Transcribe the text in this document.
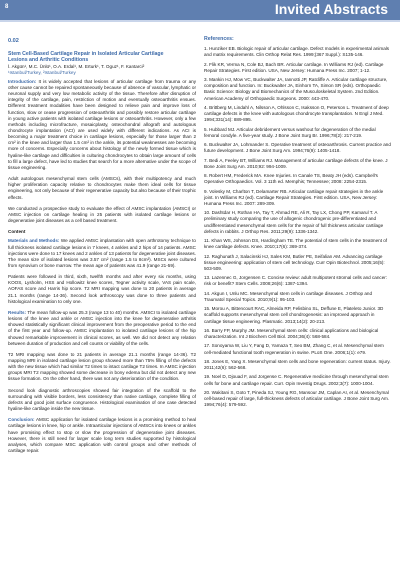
8	Invited Abstracts
0.02
Stem Cell-Based Cartilage Repair in Isolated Articular Cartilage
Lesions and Arthritic Conditions
İ. Akgün¹, M.C. Ünlü¹, O.A. Erdal¹, M. Erturk¹, T. Oguz¹, F. Kantarci²
¹Istanbul/Turkey, ²Istanbul/Turkey

Introduction: It is widely accepted that lesions of articular cartilage from trauma or any other cause cannot be repaired spontaneously because of absence of vascular, lymphatic or neuronal supply and very low metabolic activity of the tissue. Therefore after disruption of integrity of the cartilage, pain, restriction of motion and eventually osteoarthritis ensues. Different treatment modalities have been designed to relieve pain and improve loss of function, slow or cease progression of osteoarthritis and possibly restore articular cartilage in young active patients with isolated cartilage lesions or osteoarthritis. However, only a few methods including microfracture, mosaicplasty, osteochondral allograft and autologous chondrocyte implantation (ACI) are used widely with different indications. As ACI is becoming a major treatment choice in cartilage lesions, especially for those larger than 2 cm² in the knee and larger than 1.5 cm² in the ankle, its potential weaknesses are becoming more of concerns. Especially concerns about histology of the newly formed tissue which is hyaline-like cartilage and difficulties in culturing chondrocytes to obtain large amount of cells to fill a large defect, have led to studies that search for a more alternative under the scope of tissue engineering.

Adult autologous mesenchymal stem cells (AMSCs), with their multipotency and much higher proliferation capacity relative to chondrocytes make them ideal cells for tissue engineering, not only because of their regenerative capacity but also because of their trophic effects.

We conducted a prospective study to evaluate the effect of AMSC implantation (AMSCI) or AMSC injection on cartilage healing in 25 patients with isolated cartilage lesions or degenerative joint diseases as a cell based treatment.

Content

Materials and Methods: We applied AMSC implantation with open arthrotomy technique to full thickness isolated cartilage lesions in 7 knees, 4 ankles and 2 hips of 14 patients. AMSC injections were done to 17 knees and 2 ankles of 13 patients for degenerative joint diseases. The mean size of isolated lesions was 3.57 cm² (range 1.5 to 8cm²). MSCs were cultured from synovium or bone marrow. The mean age of patients was 41.9 (range 21-59).

Patients were followed in third, sixth, twelfth months and after every six months, using KOOS, Lysholm, HSS and Hollowitz knee scores, Tegner activity scale, VAS pain scale, AOFAS score and Harris hip score. T2 MRI mapping was done to 20 patients in average 21.1 months (range 14-36). Second look arthroscopy was done to three patients and histological examination to only one.

Results: The mean follow-up was 25.3 (range 13 to 40) months. AMSCI to isolated cartilage lesions of the knee and ankle or AMSC injection into the knee for degenerative arthritis showed statistically significant clinical improvement from the preoperative period to the end of the first year and follow-up. AMSC implantation to isolated cartilage lesions of the hip showed remarkable improvement in clinical scores, as well. We did not detect any relation between duration of production and cell counts or viability of the cells.

T2 MRI mapping was done to 21 patients in average 21.1 months (range 14-36). T2 mapping MRI in isolated cartilage lesion group showed more than 75% filling of the defects with the new tissue which had similar T2 times to intact cartilage T2 times. In AMSC injection groups MRI T2 mapping showed some decrease in bony edema but did not detect any new tissue formation. On the other hand, there was not any deterioration of the condition.

Second look diagnostic arthroscopies showed fair integration of the scaffold to the surrounding with visible borders, less consistency than native cartilage, complete filling of defects and good joint surface congruence. Histological examination of one case detected hyaline-like cartilage inside the new tissue.

Conclusion: AMSC application for isolated cartilage lesions is a promising method to heal cartilage lesions in knee, hip or ankle. Intraarticular injections of AMSCs into knees or ankles have promising effect to stop or slow the progression of degenerative joint diseases. However, there is still need for larger scale long term studies supported by histological analyses, which compare MSC application with control groups and other methods of cartilage repair.

References:
1. Hunziker EB. Biologic repair of articular cartilage. Defect models in experimental animals and matrix requirements. Clin Orthop Relat Res. 1999;(367 Suppl.): S135-146.
2. Flik KR, Verma N, Cole BJ, Bach BR. Articular cartilage. In Williams RJ (ed). Cartilage Repair Strategies. First edition. USA, New Jersey: Humana Press Inc. 2007; 1-12.
3. Mankin HJ, Mow VC, Buckwalter JA, Iannotti JP, Ratcliffe A. Articular cartilage structure, composition and function. In: Buckwalter JA, Einhorn TA, Simon SR (eds). Orthopaedic Basic Science: Biology and Biomechanics of the Musculoskeletal System. 2nd Edition. American Academy of Orthopaedic Surgeons. 2000: 443-470.
4. Brittberg M, Lindahl A, Nilsson A, Ohlsson C, Isaksson O, Peterson L. Treatment of deep cartilage defects in the knee with autologous chondrocyte transplantation. N Engl J Med. 1994;331(14): 889-895.
5. Hubbard MJ. Articular debridement versus washout for degeneration of the medial femoral condyle. A five-year study. J Bone Joint Surg Br. 1996;78(2): 217-219.
6. Buckwalter JA, Lohmander S. Operative treatment of osteoarthrosis. Current practice and future development. J Bone Joint Surg Am. 1994;76(9): 1405-1418.
7. Bedi A, Feeley BT, Williams RJ. Management of articular cartilage defects of the knee. J Bone Joint Surg Am. 2010;92: 994-1009.
8. Robert HM, Frederick MA. Knee Injuries. In Canale TS, Beaty JH (eds). Campbell's Operative Orthopaedics. Vol. 3 11th ed. Memphis; Tennessee; 2008: 2254-2315.
9. Volesky M, Charlton T, Delamarter RB. Articular cartilage repair strategies in the ankle joint. In Williams RJ (ed). Cartilage Repair Strategies. First edition. USA, New Jersey: Humana Press Inc. 2007: 289-309.
10. Dashtdar H, Rothan HA, Tay T, Ahmad RE, Ali R, Tay LX, Chong PP, Kamarul T. A preliminary study comparing the use of allogenic chondrogenic pre-differentiated and undifferentiated mesenchymal stem cells for the repair of full thickness articular cartilage defects in rabbits. J Orthop Res. 2011;29(9): 1336-1342.
11. Khan WS, Johnson DS, Hardingham TE. The potential of stem cells in the treatment of knee cartilage defects. Knee. 2010;17(6): 369-374.
12. Raghunath J, Salacinski HJ, Sales KM, Butler PE, Seifalian AM. Advancing cartilage tissue engineering: application of stem cell technology. Curr Opin Biotechnol. 2005;16(5): 503-509.
13. Lazennec G, Jorgensen C. Concise review: adult multipotent stromal cells and cancer: risk or benefit? Stem Cells. 2008;26(6): 1387-1394.
14. Akgun I, Unlu MC. Mesenchymal stem cells in cartilage diseases. J Orthop and Traumatol Special Topics. 2010;9(1): 95-103.
15. Morou A, Bittencourt RAC, Almeida RP, Felisbino SL, Deffune E, Plateleto Junior. 3D scaffold supports mesenchymal stem cell chondrogenesis: an improved approach in cartilage tissue engineering. Plasmatic. 2013;14(2): 20-213.
16. Barry FP, Murphy JM. Mesenchymal stem cells: clinical applications and biological characterization. Int J Biochem Cell Biol. 2004;36(4): 568-584.
17. Sonoyama W, Liu Y, Fang D, Yamaza T, Seo BM, Zhang C, et al. Mesenchymal stem cell-mediated functional tooth regeneration in swine. PLoS One. 2006;1(1): e79.
18. Jones E, Yang X. Mesenchymal stem cells and bone regeneration: current status. Injury. 2011;42(6): 562-568.
19. Noel D, Djouad F, and Jorgense C. Regenerative medicine through mesenchymal stem cells for bone and cartilage repair. Curr. Opin Investig Drugs. 2002;3(7): 1000-1004.
20. Wakitani S, Goto T, Pineda SJ, Young RG, Mansour JM, Caplan AI, et al. Mesenchymal cell-based repair of large, full-thickness defects of articular cartilage. J Bone Joint Surg Am. 1994;76(4): 579-592.
